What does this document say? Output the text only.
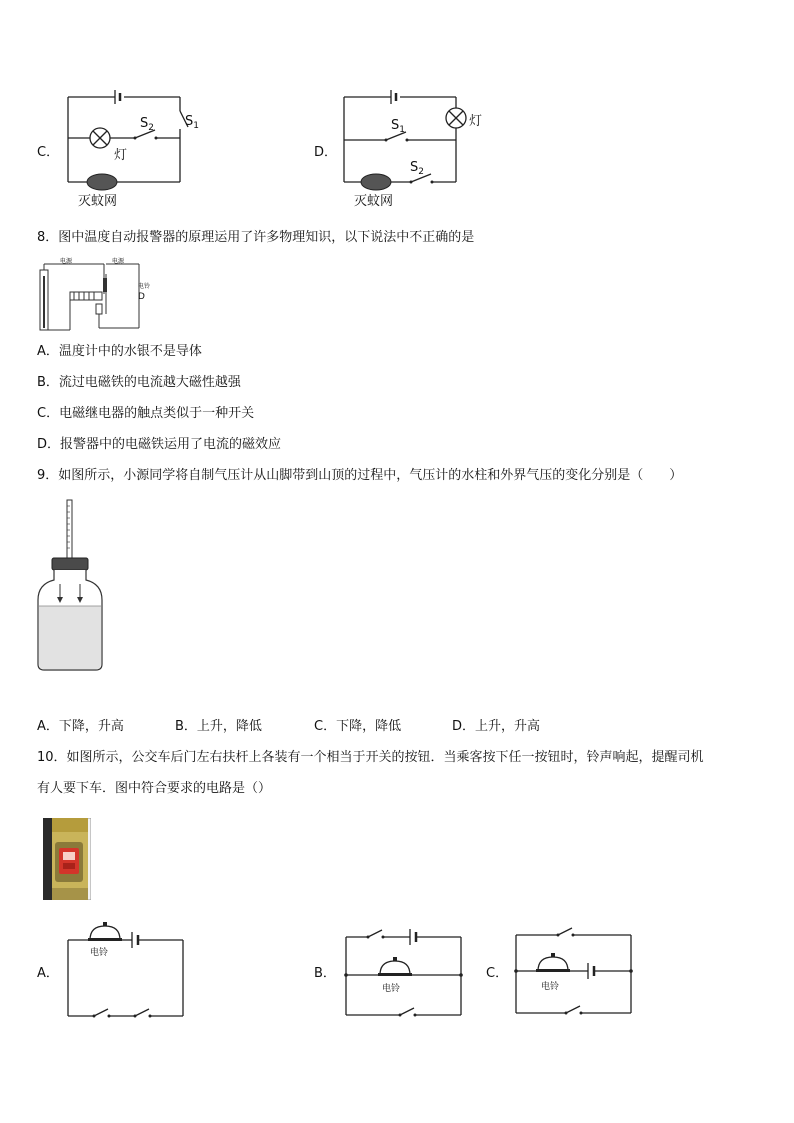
C．
$S_2$ $S_1$
灯
灭蚊网
D．
$S_1$
$S_2$
灯
灭蚊网
8．图中温度自动报警器的原理运用了许多物理知识，以下说法中不正确的是
电源	电源
电铃
D
A．温度计中的水银不是导体
B．流过电磁铁的电流越大磁性越强
C．电磁继电器的触点类似于一种开关
D．报警器中的电磁铁运用了电流的磁效应
9．如图所示，小源同学将自制气压计从山脚带到山顶的过程中，气压计的水柱和外界气压的变化分别是（　　）
A．下降，升高	B．上升，降低	C．下降，降低	D．上升，升高
10．如图所示，公交车后门左右扶杆上各装有一个相当于开关的按钮．当乘客按下任一按钮时，铃声响起，提醒司机
有人要下车．图中符合要求的电路是（）
A．
电铃
B．
电铃
C．
电铃
